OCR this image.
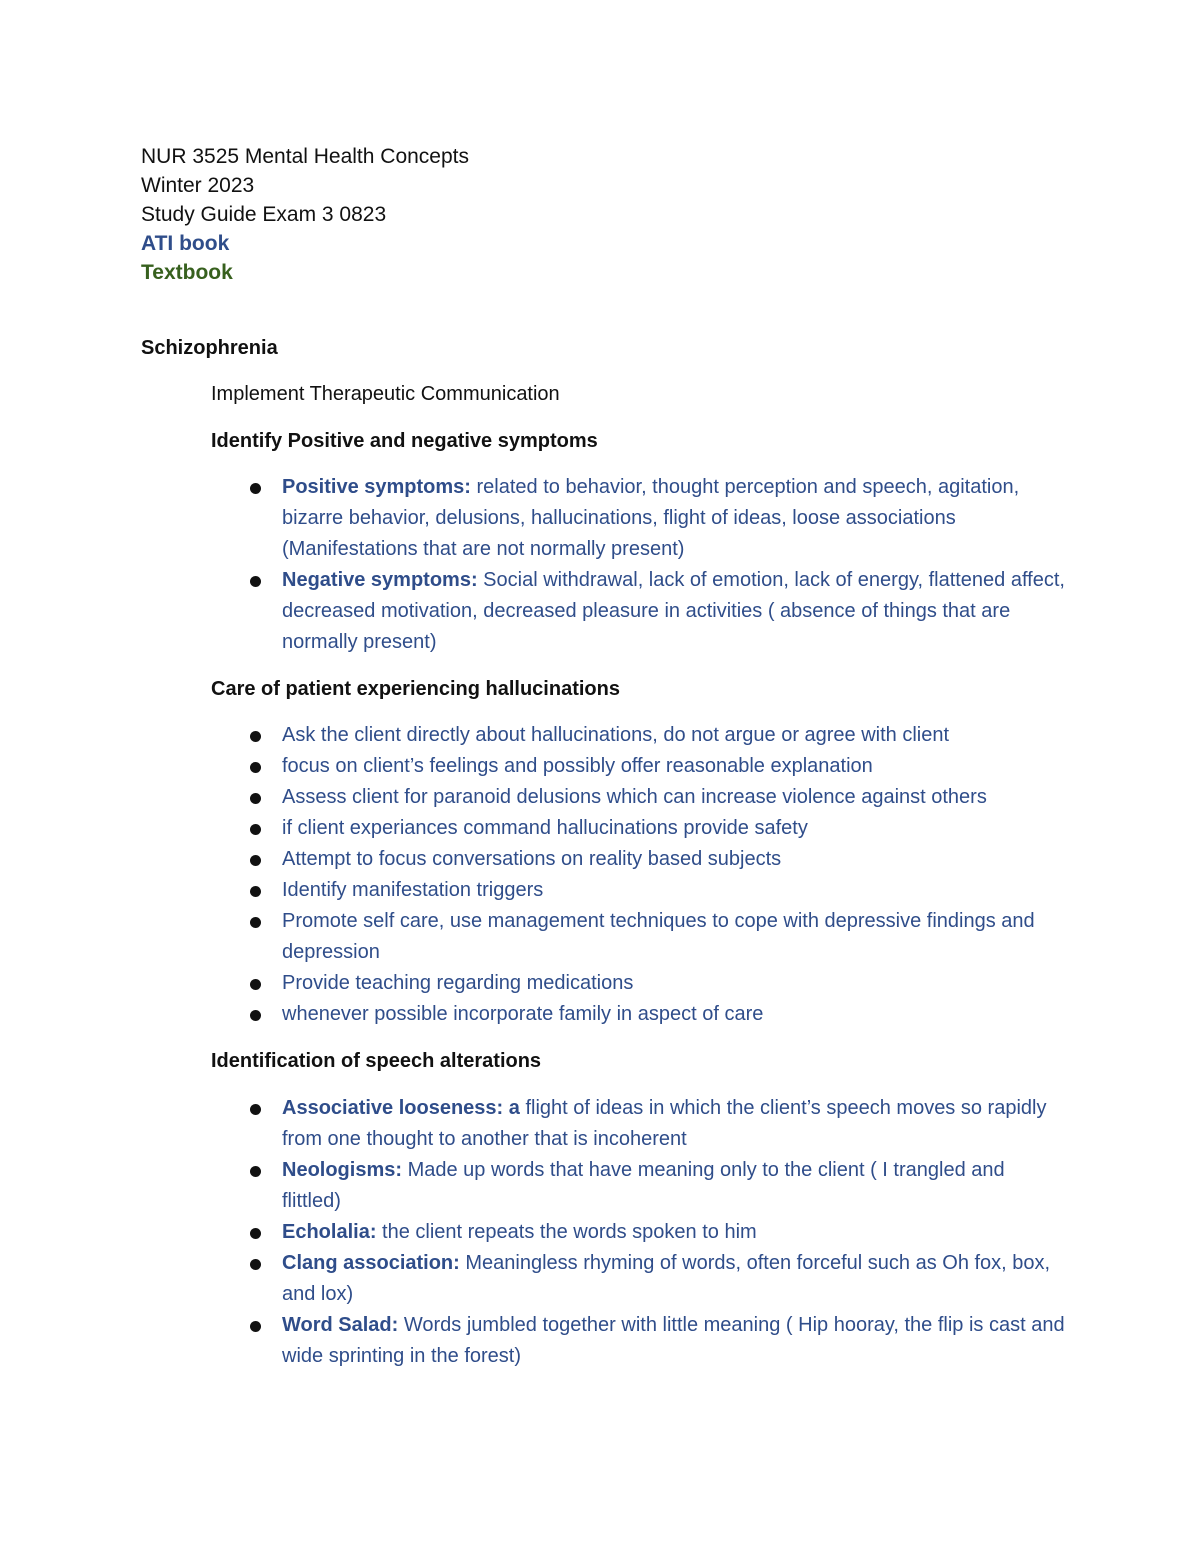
NUR 3525 Mental Health Concepts

Winter 2023

Study Guide Exam 3 0823

ATI book

Textbook

Schizophrenia

Implement Therapeutic Communication

Identify Positive and negative symptoms

Positive symptoms: related to behavior, thought perception and speech, agitation, bizarre behavior, delusions, hallucinations, flight of ideas, loose associations (Manifestations that are not normally present)
Negative symptoms: Social withdrawal, lack of emotion, lack of energy, flattened affect, decreased motivation, decreased pleasure in activities ( absence of things that are normally present)

Care of patient experiencing hallucinations

Ask the client directly about hallucinations, do not argue or agree with client
focus on client’s feelings and possibly offer reasonable explanation
Assess client for paranoid delusions which can increase violence against others
if client experiances command hallucinations provide safety
Attempt to focus conversations on reality based subjects
Identify manifestation triggers
Promote self care, use management techniques to cope with depressive findings and depression
Provide teaching regarding medications
whenever possible incorporate family in aspect of care

Identification of speech alterations

Associative looseness: a flight of ideas in which the client’s speech moves so rapidly from one thought to another that is incoherent
Neologisms: Made up words that have meaning only to the client ( I trangled and flittled)
Echolalia: the client repeats the words spoken to him
Clang association: Meaningless rhyming of words, often forceful such as Oh fox, box, and lox)
Word Salad: Words jumbled together with little meaning ( Hip hooray, the flip is cast and wide sprinting in the forest)
